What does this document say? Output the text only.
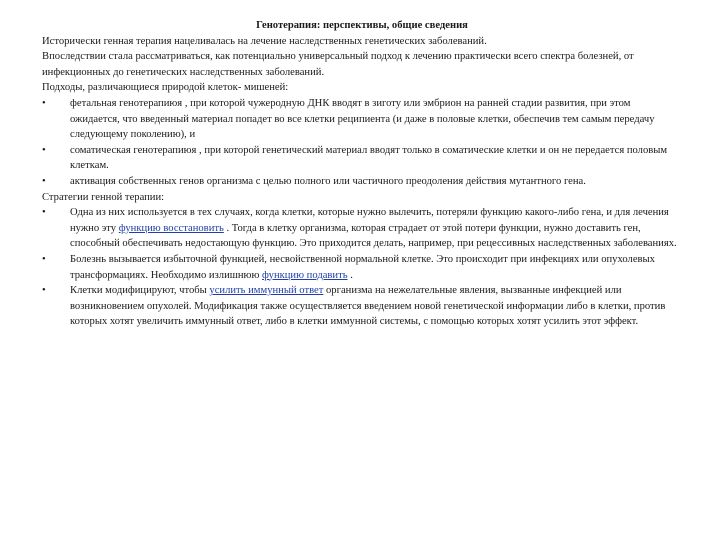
Генотерапия: перспективы, общие сведения

Исторически генная терапия нацеливалась на лечение наследственных генетических заболеваний.

Впоследствии стала рассматриваться, как потенциально универсальный подход к лечению практически всего спектра болезней, от инфекционных до генетических наследственных заболеваний.

Подходы, различающиеся природой клеток- мишеней:

•	фетальная генотерапиюя , при которой чужеродную ДНК вводят в зиготу или эмбрион на ранней стадии развития, при этом ожидается, что введенный материал попадет во все клетки реципиента (и даже в половые клетки, обеспечив тем самым передачу следующему поколению), и
•	соматическая генотерапиюя , при которой генетический материал вводят только в соматические клетки и он не передается половым клеткам.
•	активация собственных генов организма с целью полного или частичного преодоления действия мутантного гена.

Стратегии генной терапии:

•	Одна из них используется в тех случаях, когда клетки, которые нужно вылечить, потеряли функцию какого-либо гена, и для лечения нужно эту функцию восстановить . Тогда в клетку организма, которая страдает от этой потери функции, нужно доставить ген, способный обеспечивать недостающую функцию. Это приходится делать, например, при рецессивных наследственных заболеваниях.
•	Болезнь вызывается избыточной функцией, несвойственной нормальной клетке. Это происходит при инфекциях или опухолевых трансформациях. Необходимо излишнюю функцию подавить .
•	Клетки модифицируют, чтобы усилить иммунный ответ организма на нежелательные явления, вызванные инфекцией или возникновением опухолей. Модификация также осуществляется введением новой генетической информации либо в клетки, против которых хотят увеличить иммунный ответ, либо в клетки иммунной системы, с помощью которых хотят усилить этот эффект.
